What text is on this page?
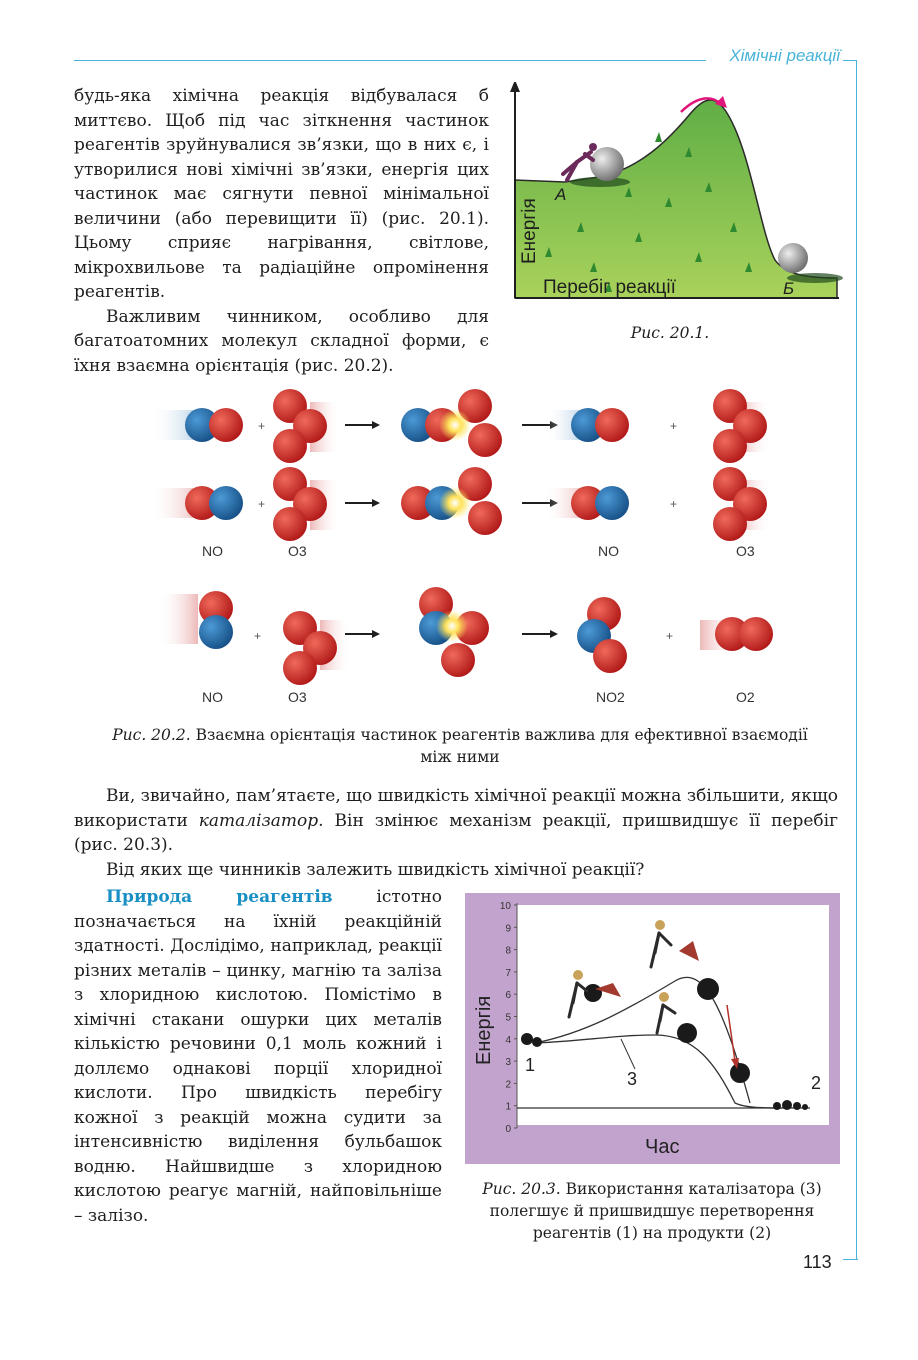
Хімічні реакції

будь-яка хімічна реакція відбувалася б миттєво. Щоб під час зіткнення частинок реагентів зруйнувалися зв’язки, що в них є, і утворилися нові хімічні зв’язки, енергія цих частинок має сягнути певної мінімальної величини (або перевищити її) (рис. 20.1). Цьому сприяє нагрівання, світлове, мікрохвильове та радіаційне опромінення реагентів.

Важливим чинником, особливо для багатоатомних молекул складної форми, є їхня взаємна орієнтація (рис. 20.2).

А
Б
Енергія
Перебіг реакції
Рис. 20.1.
+	+
+	+
NO	O3	NO	O3
+	+
NO	O3	NO2	O2
Рис. 20.2. Взаємна орієнтація частинок реагентів важлива для ефективної взаємодії між ними

Ви, звичайно, пам’ятаєте, що швидкість хімічної реакції можна збільшити, якщо використати каталізатор. Він змінює механізм реакції, пришвидшує її перебіг (рис. 20.3).

Від яких ще чинників залежить швидкість хімічної реакції?

Природа реагентів істотно позначається на їхній реакційній здатності. Дослідімо, наприклад, реакції різних металів – цинку, магнію та заліза з хлоридною кислотою. Помістімо в хімічні стакани ошурки цих металів кількістю речовини 0,1 моль кожний і доллємо однакові порції хлоридної кислоти. Про швидкість перебігу кожної з реакцій можна судити за інтенсивністю виділення бульбашок водню. Найшвидше з хлоридною кислотою реагує магній, найповільніше – залізо.

0
1
2
3
4
5
6
7
8
9
10
1
2
3
Енергія
Час
Рис. 20.3. Використання каталізатора (3) полегшує й пришвидшує перетворення реагентів (1) на продукти (2)
113
